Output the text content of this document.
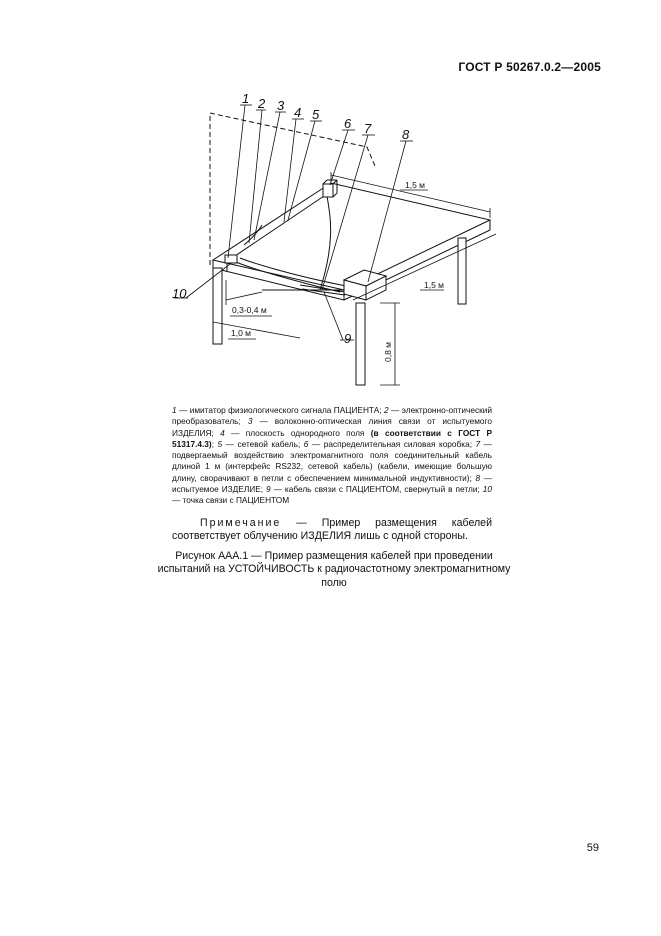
ГОСТ Р 50267.0.2—2005
1 2 3 4 5
6 7 8
9
10
1,5 м
1,5 м
0,8 м
1,0 м
0,3-0,4 м
1 — имитатор физиологического сигнала ПАЦИЕНТА; 2 — электронно-оптический преобразователь; 3 — волоконно-оптическая линия связи от испытуемого ИЗДЕЛИЯ; 4 — плоскость однородного поля (в соответствии с ГОСТ Р 51317.4.3); 5 — сетевой кабель; 6 — распределительная силовая коробка; 7 — подвергаемый воздействию электромагнитного поля соединительный кабель длиной 1 м (интерфейс RS232, сетевой кабель) (кабели, имеющие большую длину, сворачивают в петли с обеспечением минимальной индуктивности); 8 — испытуемое ИЗДЕЛИЕ; 9 — кабель связи с ПАЦИЕНТОМ, свернутый в петли; 10 — точка связи с ПАЦИЕНТОМ
Примечание — Пример размещения кабелей соответствует облучению ИЗДЕЛИЯ лишь с одной стороны.
Рисунок ААА.1 — Пример размещения кабелей при проведении испытаний на УСТОЙЧИВОСТЬ к радиочастотному электромагнитному полю
59
